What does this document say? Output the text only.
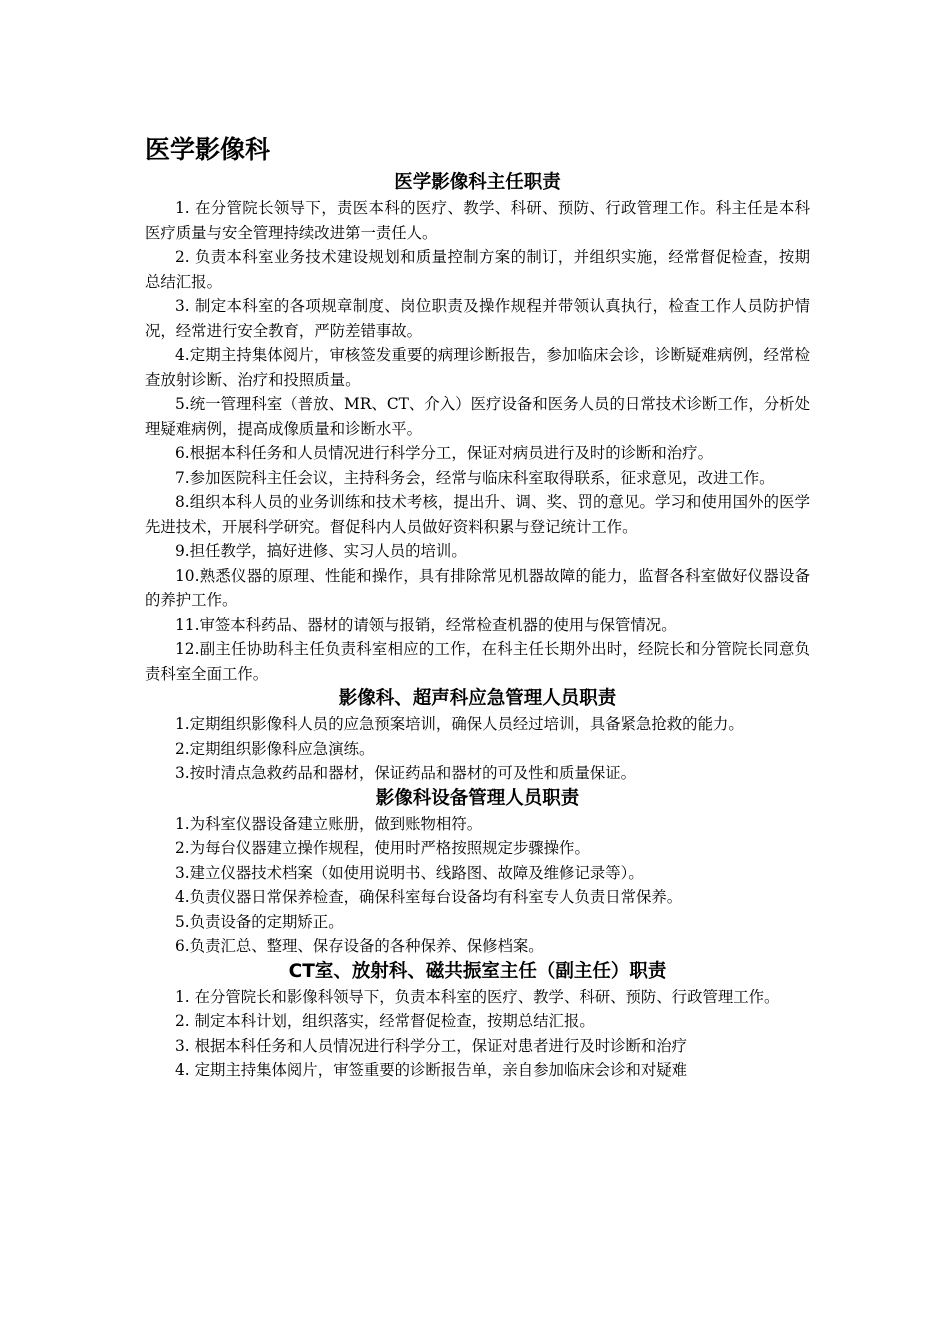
医学影像科
医学影像科主任职责

1. 在分管院长领导下，责医本科的医疗、教学、科研、预防、行政管理工作。科主任是本科医疗质量与安全管理持续改进第一责任人。

2. 负责本科室业务技术建设规划和质量控制方案的制订，并组织实施，经常督促检查，按期总结汇报。

3. 制定本科室的各项规章制度、岗位职责及操作规程并带领认真执行，检查工作人员防护情况，经常进行安全教育，严防差错事故。

4.定期主持集体阅片，审核签发重要的病理诊断报告，参加临床会诊，诊断疑难病例，经常检查放射诊断、治疗和投照质量。

5.统一管理科室（普放、MR、CT、介入）医疗设备和医务人员的日常技术诊断工作，分析处理疑难病例，提高成像质量和诊断水平。

6.根据本科任务和人员情况进行科学分工，保证对病员进行及时的诊断和治疗。

7.参加医院科主任会议，主持科务会，经常与临床科室取得联系，征求意见，改进工作。

8.组织本科人员的业务训练和技术考核，提出升、调、奖、罚的意见。学习和使用国外的医学先进技术，开展科学研究。督促科内人员做好资料积累与登记统计工作。

9.担任教学，搞好进修、实习人员的培训。

10.熟悉仪器的原理、性能和操作，具有排除常见机器故障的能力，监督各科室做好仪器设备的养护工作。

11.审签本科药品、器材的请领与报销，经常检查机器的使用与保管情况。

12.副主任协助科主任负责科室相应的工作，在科主任长期外出时，经院长和分管院长同意负责科室全面工作。

影像科、超声科应急管理人员职责

1.定期组织影像科人员的应急预案培训，确保人员经过培训，具备紧急抢救的能力。

2.定期组织影像科应急演练。

3.按时清点急救药品和器材，保证药品和器材的可及性和质量保证。

影像科设备管理人员职责

1.为科室仪器设备建立账册，做到账物相符。

2.为每台仪器建立操作规程，使用时严格按照规定步骤操作。

3.建立仪器技术档案（如使用说明书、线路图、故障及维修记录等）。

4.负责仪器日常保养检查，确保科室每台设备均有科室专人负责日常保养。

5.负责设备的定期矫正。

6.负责汇总、整理、保存设备的各种保养、保修档案。

CT室、放射科、磁共振室主任（副主任）职责

1. 在分管院长和影像科领导下，负责本科室的医疗、教学、科研、预防、行政管理工作。

2. 制定本科计划，组织落实，经常督促检查，按期总结汇报。

3. 根据本科任务和人员情况进行科学分工，保证对患者进行及时诊断和治疗

4. 定期主持集体阅片，审签重要的诊断报告单，亲自参加临床会诊和对疑难
